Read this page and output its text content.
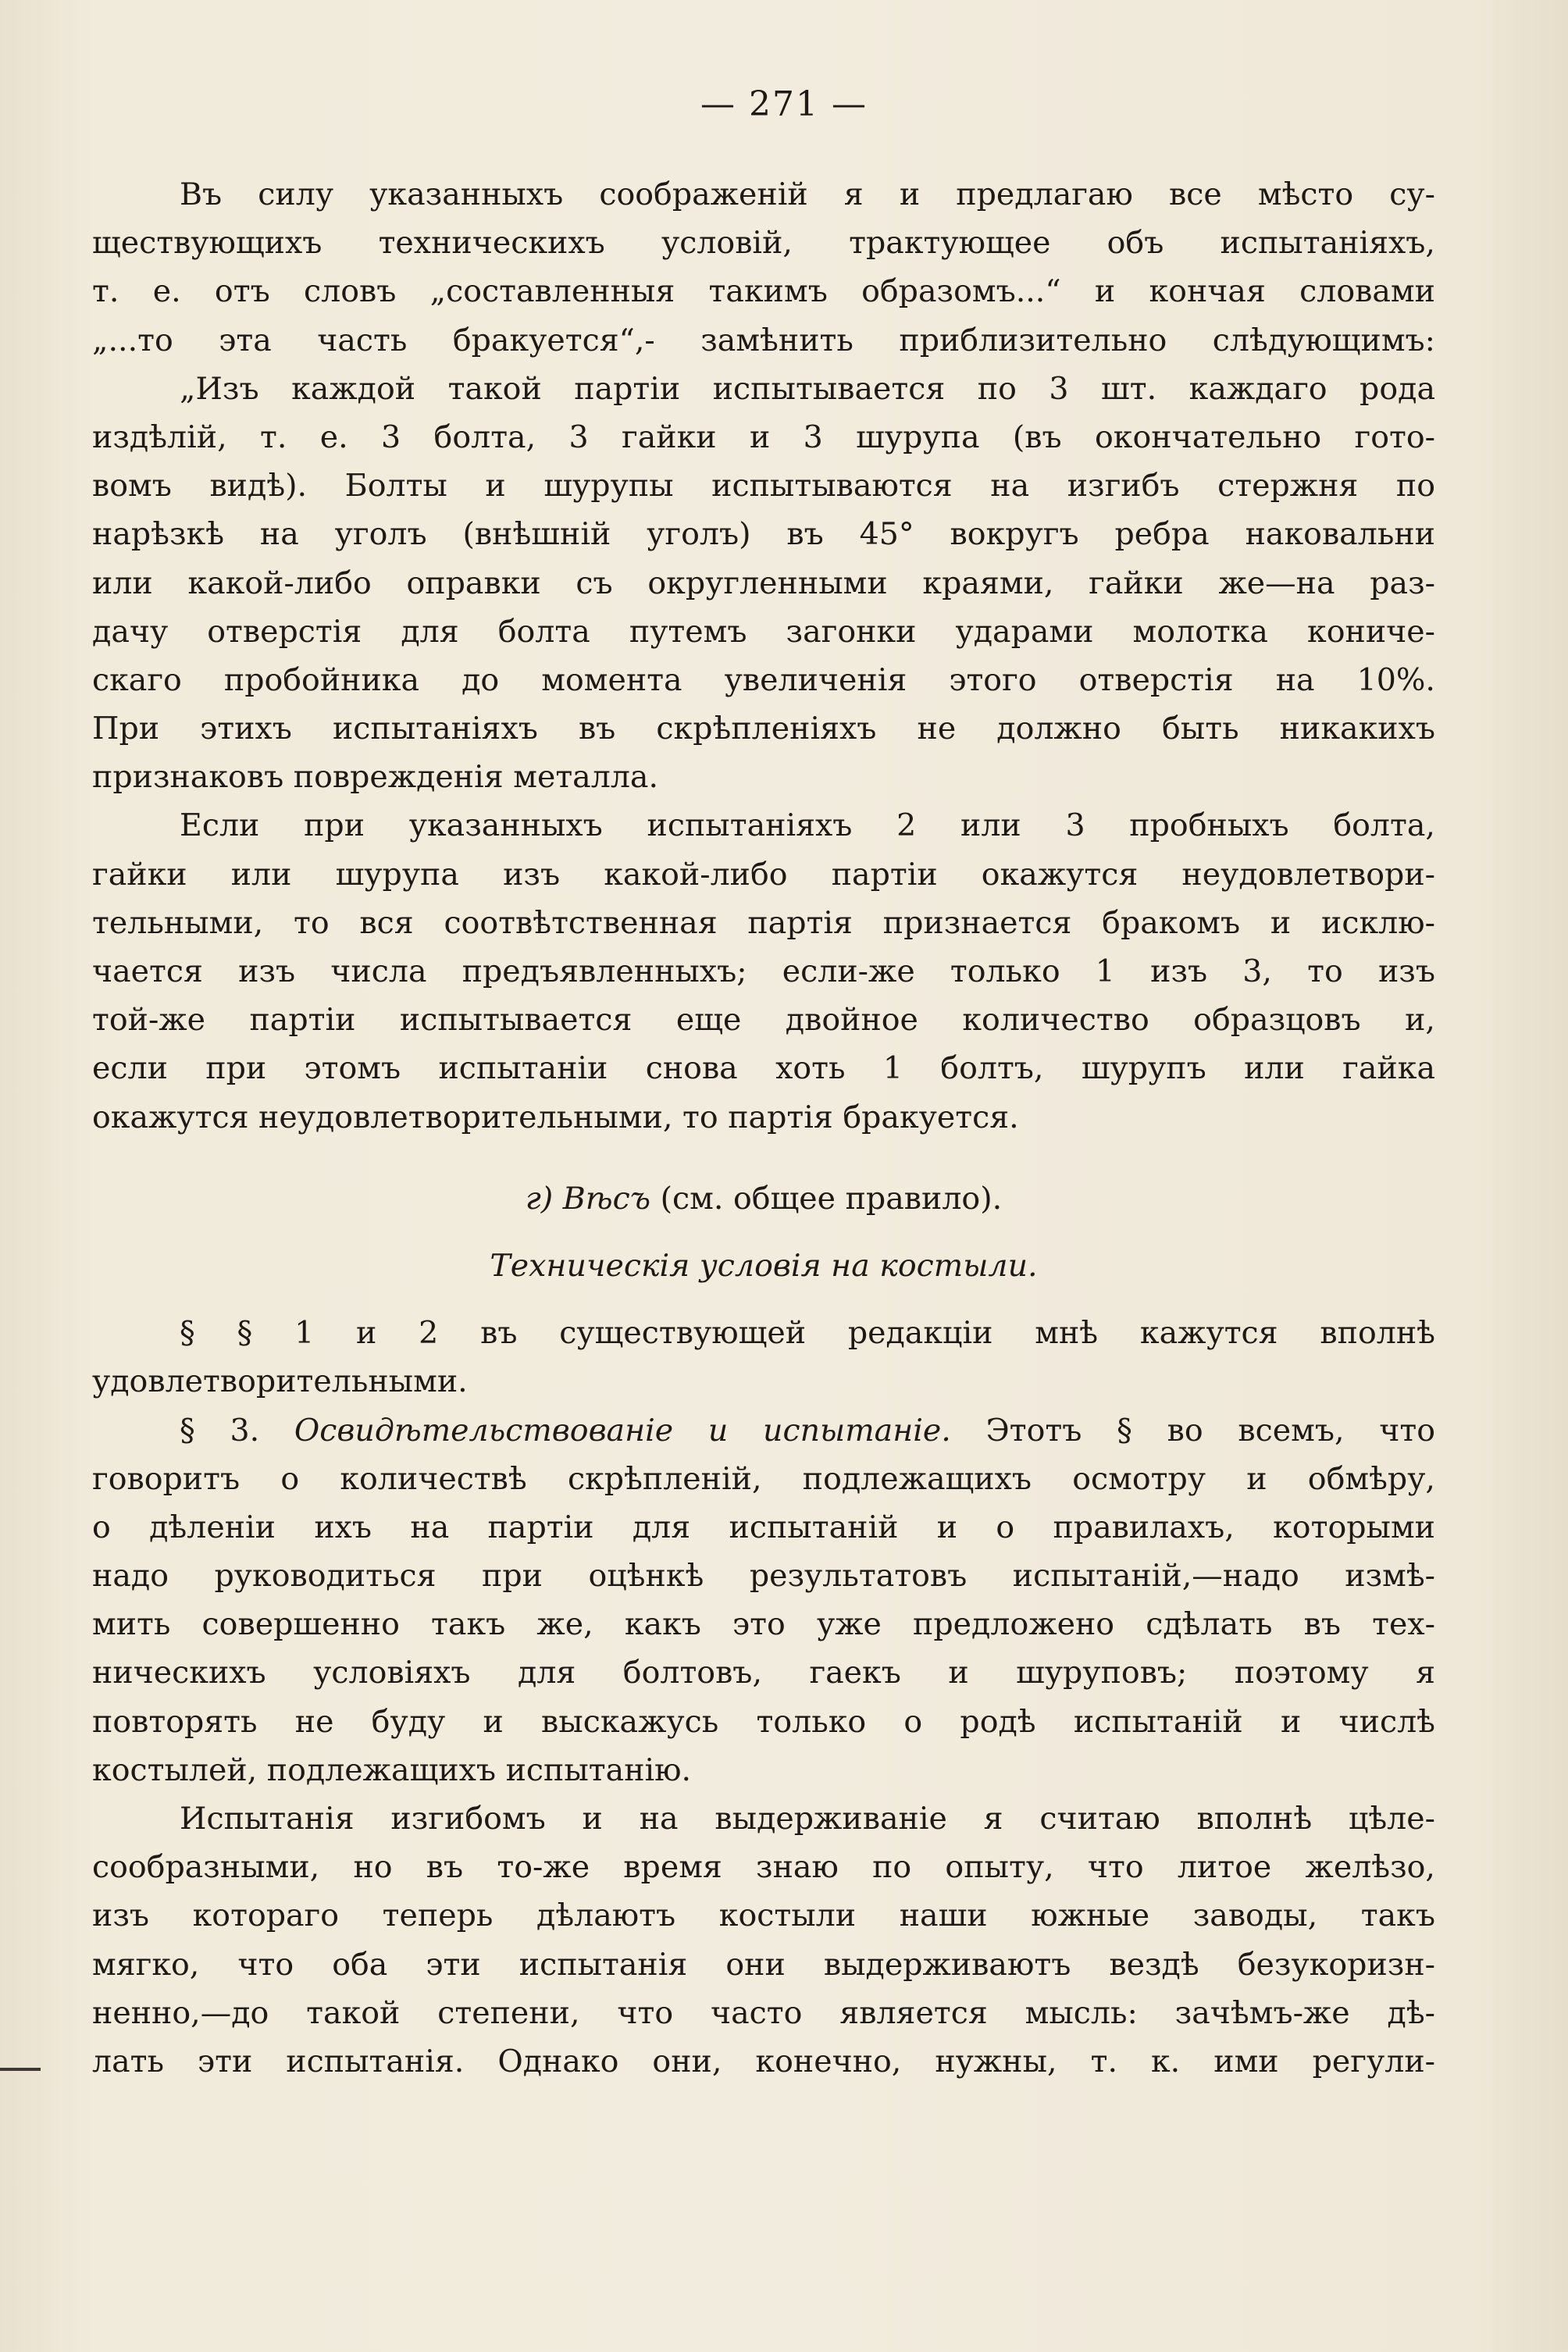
— 271 —
Въ силу указанныхъ соображеній я и предлагаю все мѣсто су-
ществующихъ техническихъ условій, трактующее объ испытаніяхъ,
т. е. отъ словъ „составленныя такимъ образомъ...“ и кончая словами
„...то эта часть бракуется“,- замѣнить приблизительно слѣдующимъ:
„Изъ каждой такой партіи испытывается по 3 шт. каждаго рода
издѣлій, т. е. 3 болта, 3 гайки и 3 шурупа (въ окончательно гото-
вомъ видѣ). Болты и шурупы испытываются на изгибъ стержня по
нарѣзкѣ на уголъ (внѣшній уголъ) въ 45° вокругъ ребра наковальни
или какой-либо оправки съ округленными краями, гайки же—на раз-
дачу отверстія для болта путемъ загонки ударами молотка кониче-
скаго пробойника до момента увеличенія этого отверстія на 10%.
При этихъ испытаніяхъ въ скрѣпленіяхъ не должно быть никакихъ
признаковъ поврежденія металла.
Если при указанныхъ испытаніяхъ 2 или 3 пробныхъ болта,
гайки или шурупа изъ какой-либо партіи окажутся неудовлетвори-
тельными, то вся соотвѣтственная партія признается бракомъ и исклю-
чается изъ числа предъявленныхъ; если-же только 1 изъ 3, то изъ
той-же партіи испытывается еще двойное количество образцовъ и,
если при этомъ испытаніи снова хоть 1 болтъ, шурупъ или гайка
окажутся неудовлетворительными, то партія бракуется.
г) Вѣсъ (см. общее правило).
Техническія условія на костыли.
§ § 1 и 2 въ существующей редакціи мнѣ кажутся вполнѣ
удовлетворительными.
§ 3. Освидѣтельствованіе и испытаніе. Этотъ § во всемъ, что
говоритъ о количествѣ скрѣпленій, подлежащихъ осмотру и обмѣру,
о дѣленіи ихъ на партіи для испытаній и о правилахъ, которыми
надо руководиться при оцѣнкѣ результатовъ испытаній,—надо измѣ-
мить совершенно такъ же, какъ это уже предложено сдѣлать въ тех-
ническихъ условіяхъ для болтовъ, гаекъ и шуруповъ; поэтому я
повторять не буду и выскажусь только о родѣ испытаній и числѣ
костылей, подлежащихъ испытанію.
Испытанія изгибомъ и на выдерживаніе я считаю вполнѣ цѣле-
сообразными, но въ то-же время знаю по опыту, что литое желѣзо,
изъ котораго теперь дѣлаютъ костыли наши южные заводы, такъ
мягко, что оба эти испытанія они выдерживаютъ вездѣ безукоризн-
ненно,—до такой степени, что часто является мысль: зачѣмъ-же дѣ-
лать эти испытанія. Однако они, конечно, нужны, т. к. ими регули-
